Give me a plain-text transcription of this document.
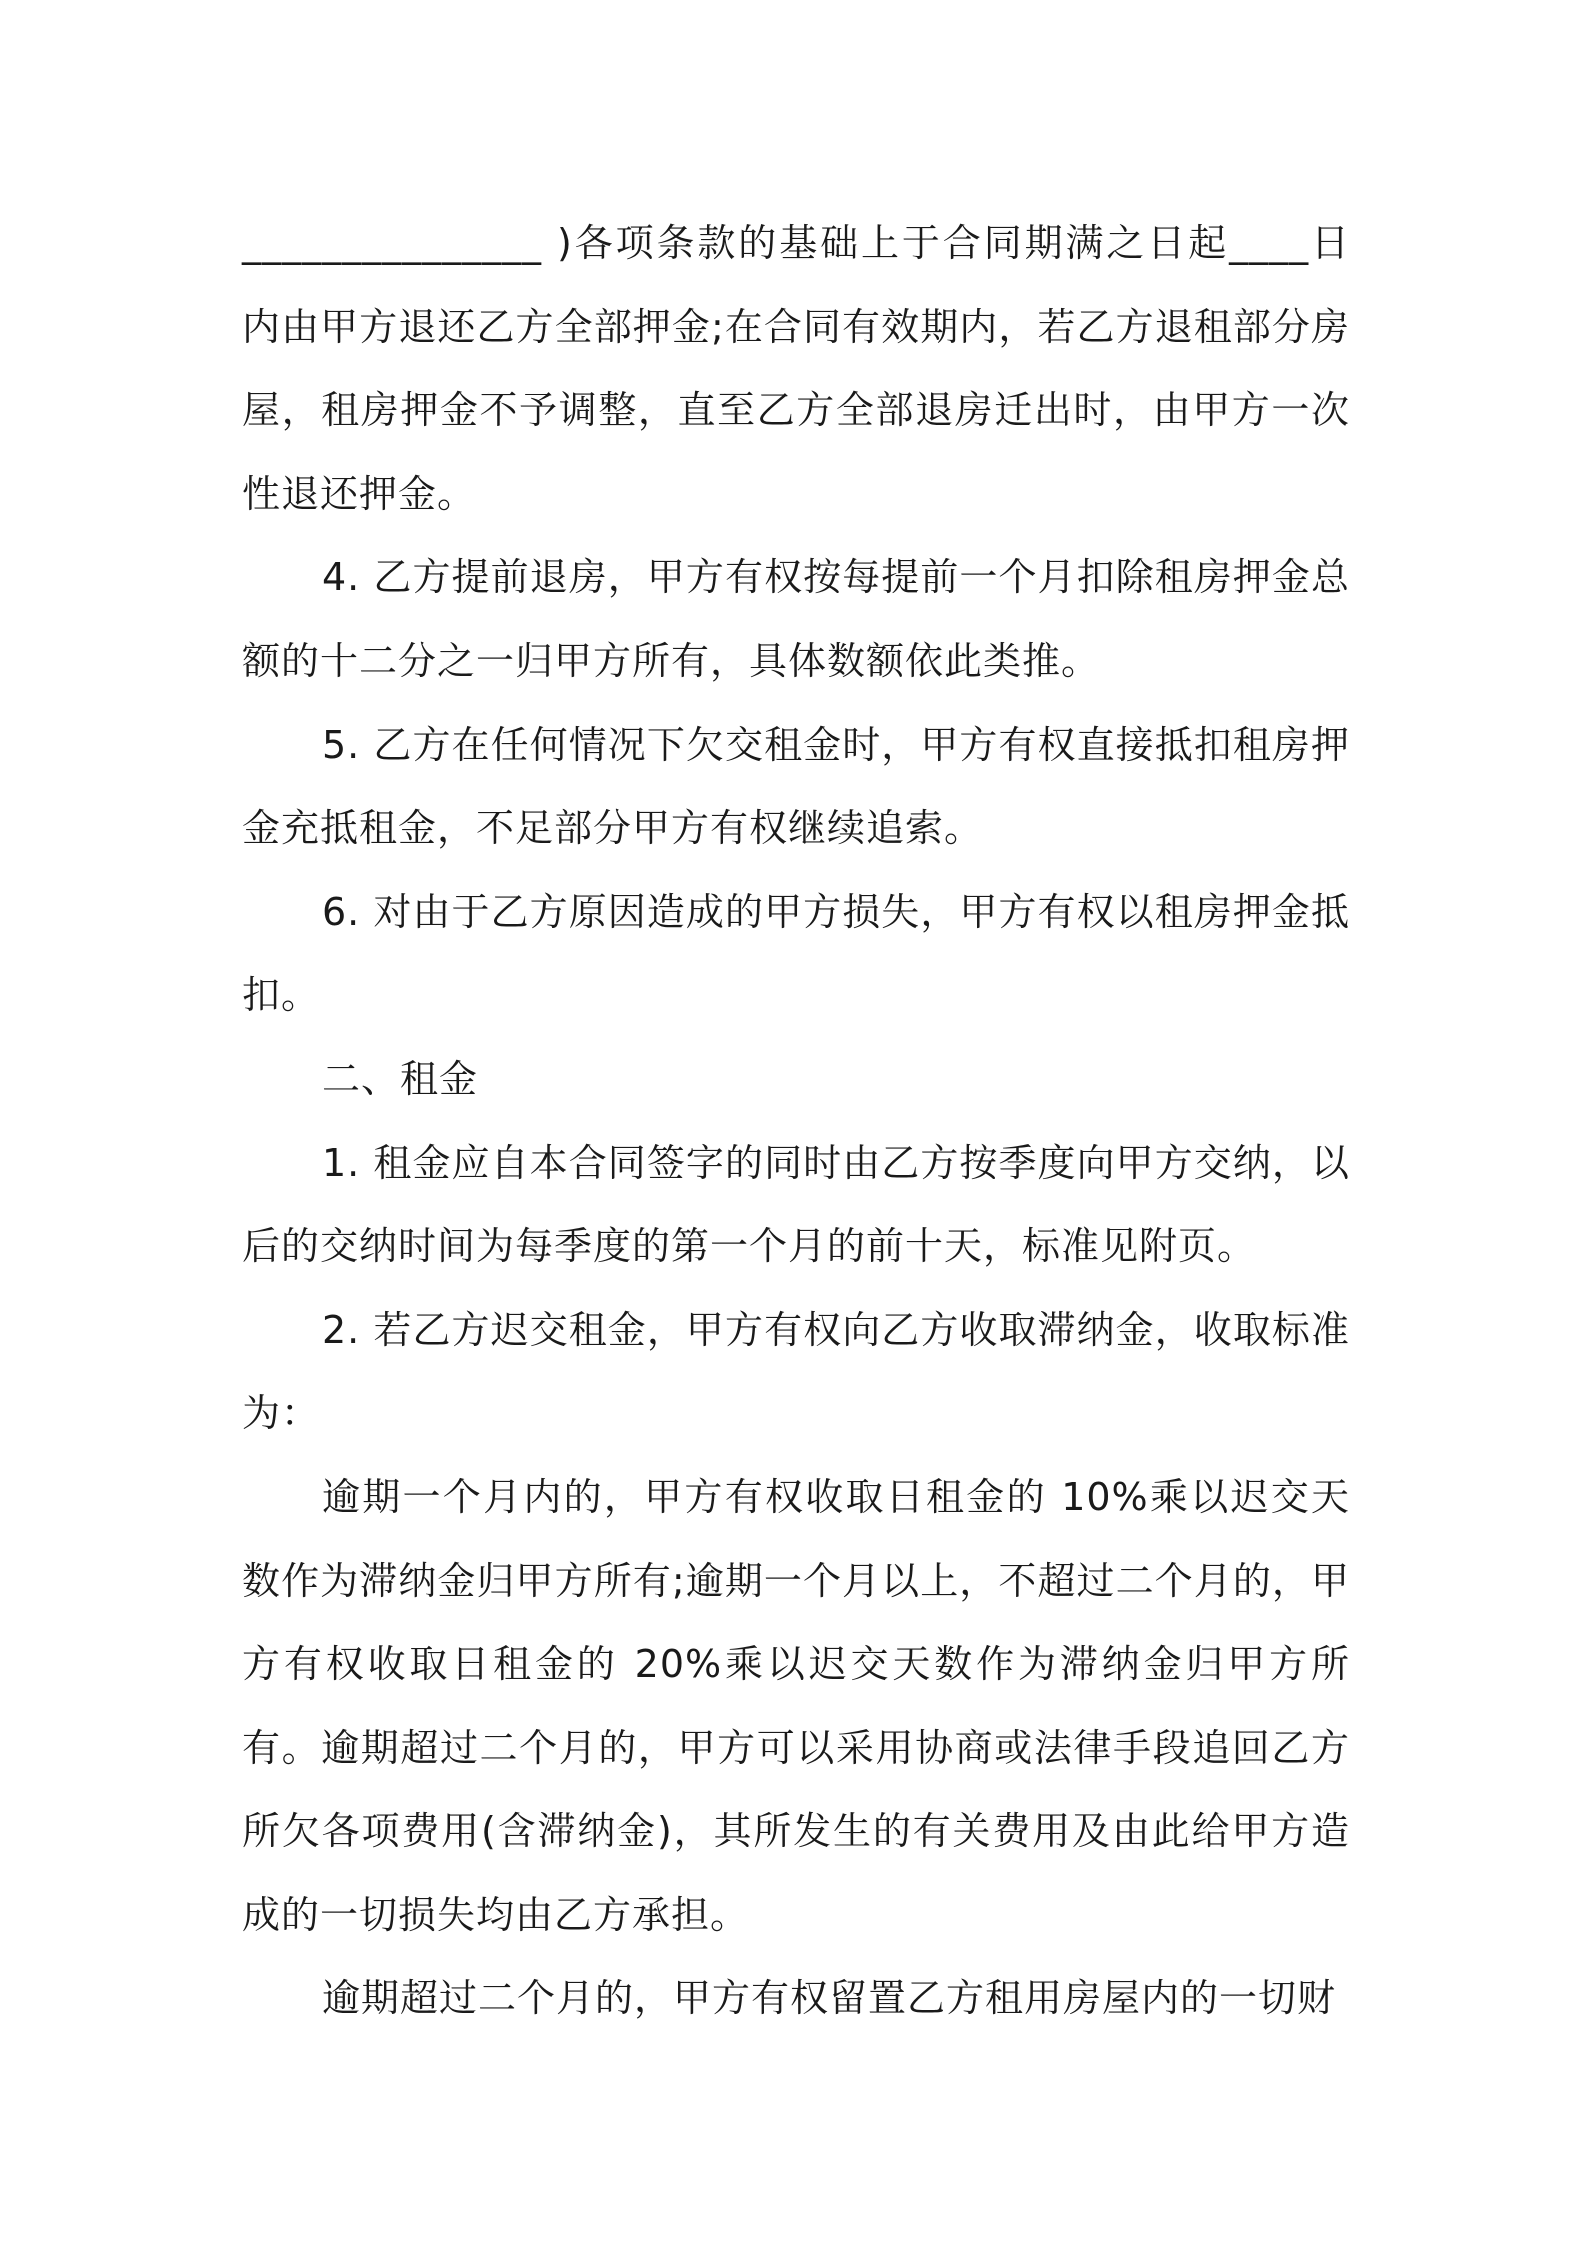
_______________ )各项条款的基础上于合同期满之日起____日内由甲方退还乙方全部押金;在合同有效期内，若乙方退租部分房屋，租房押金不予调整，直至乙方全部退房迁出时，由甲方一次性退还押金。

4. 乙方提前退房，甲方有权按每提前一个月扣除租房押金总额的十二分之一归甲方所有，具体数额依此类推。

5. 乙方在任何情况下欠交租金时，甲方有权直接抵扣租房押金充抵租金，不足部分甲方有权继续追索。

6. 对由于乙方原因造成的甲方损失，甲方有权以租房押金抵扣。

二、租金

1. 租金应自本合同签字的同时由乙方按季度向甲方交纳，以后的交纳时间为每季度的第一个月的前十天，标准见附页。

2. 若乙方迟交租金，甲方有权向乙方收取滞纳金，收取标准为：

逾期一个月内的，甲方有权收取日租金的 10%乘以迟交天数作为滞纳金归甲方所有;逾期一个月以上，不超过二个月的，甲方有权收取日租金的 20%乘以迟交天数作为滞纳金归甲方所有。逾期超过二个月的，甲方可以采用协商或法律手段追回乙方所欠各项费用(含滞纳金)，其所发生的有关费用及由此给甲方造成的一切损失均由乙方承担。

逾期超过二个月的，甲方有权留置乙方租用房屋内的一切财
